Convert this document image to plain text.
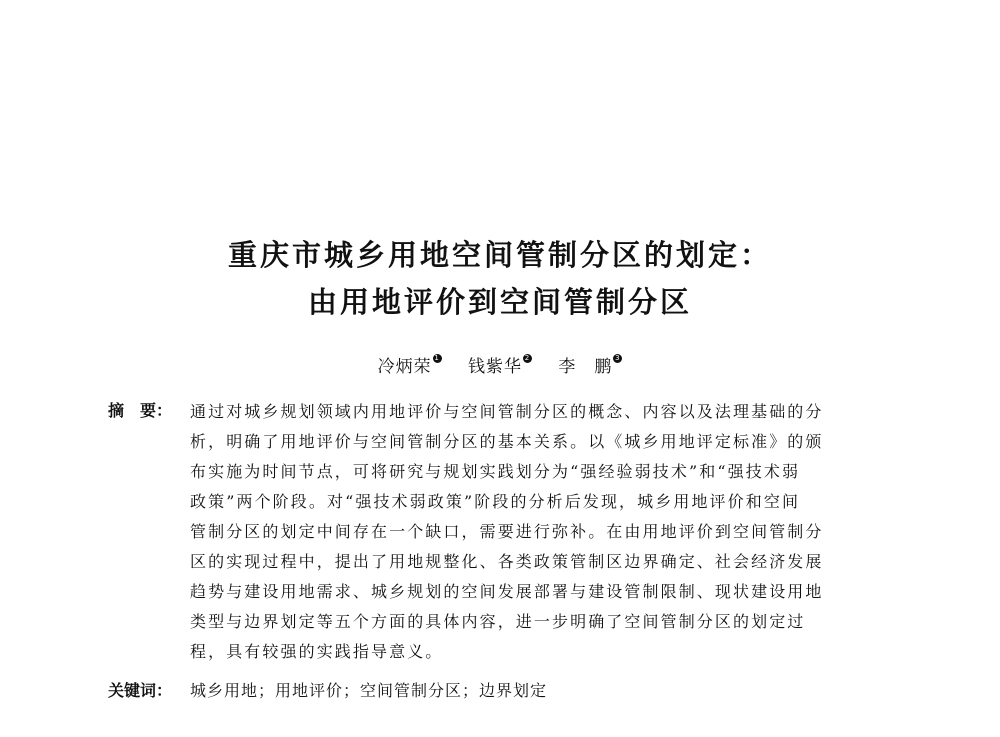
重庆市城乡用地空间管制分区的划定：
由用地评价到空间管制分区
冷炳荣 1 钱紫华 2 李　鹏 3
摘 要： 通过对城乡规划领域内用地评价与空间管制分区的概念、内容以及法理基础的分
析，明确了用地评价与空间管制分区的基本关系。以《城乡用地评定标准》的颁
布实施为时间节点，可将研究与规划实践划分为“强经验弱技术”和“强技术弱
政策”两个阶段。对“强技术弱政策”阶段的分析后发现，城乡用地评价和空间
管制分区的划定中间存在一个缺口，需要进行弥补。在由用地评价到空间管制分
区的实现过程中，提出了用地规整化、各类政策管制区边界确定、社会经济发展
趋势与建设用地需求、城乡规划的空间发展部署与建设管制限制、现状建设用地
类型与边界划定等五个方面的具体内容，进一步明确了空间管制分区的划定过
程，具有较强的实践指导意义。
关键词： 城乡用地；用地评价；空间管制分区；边界划定
